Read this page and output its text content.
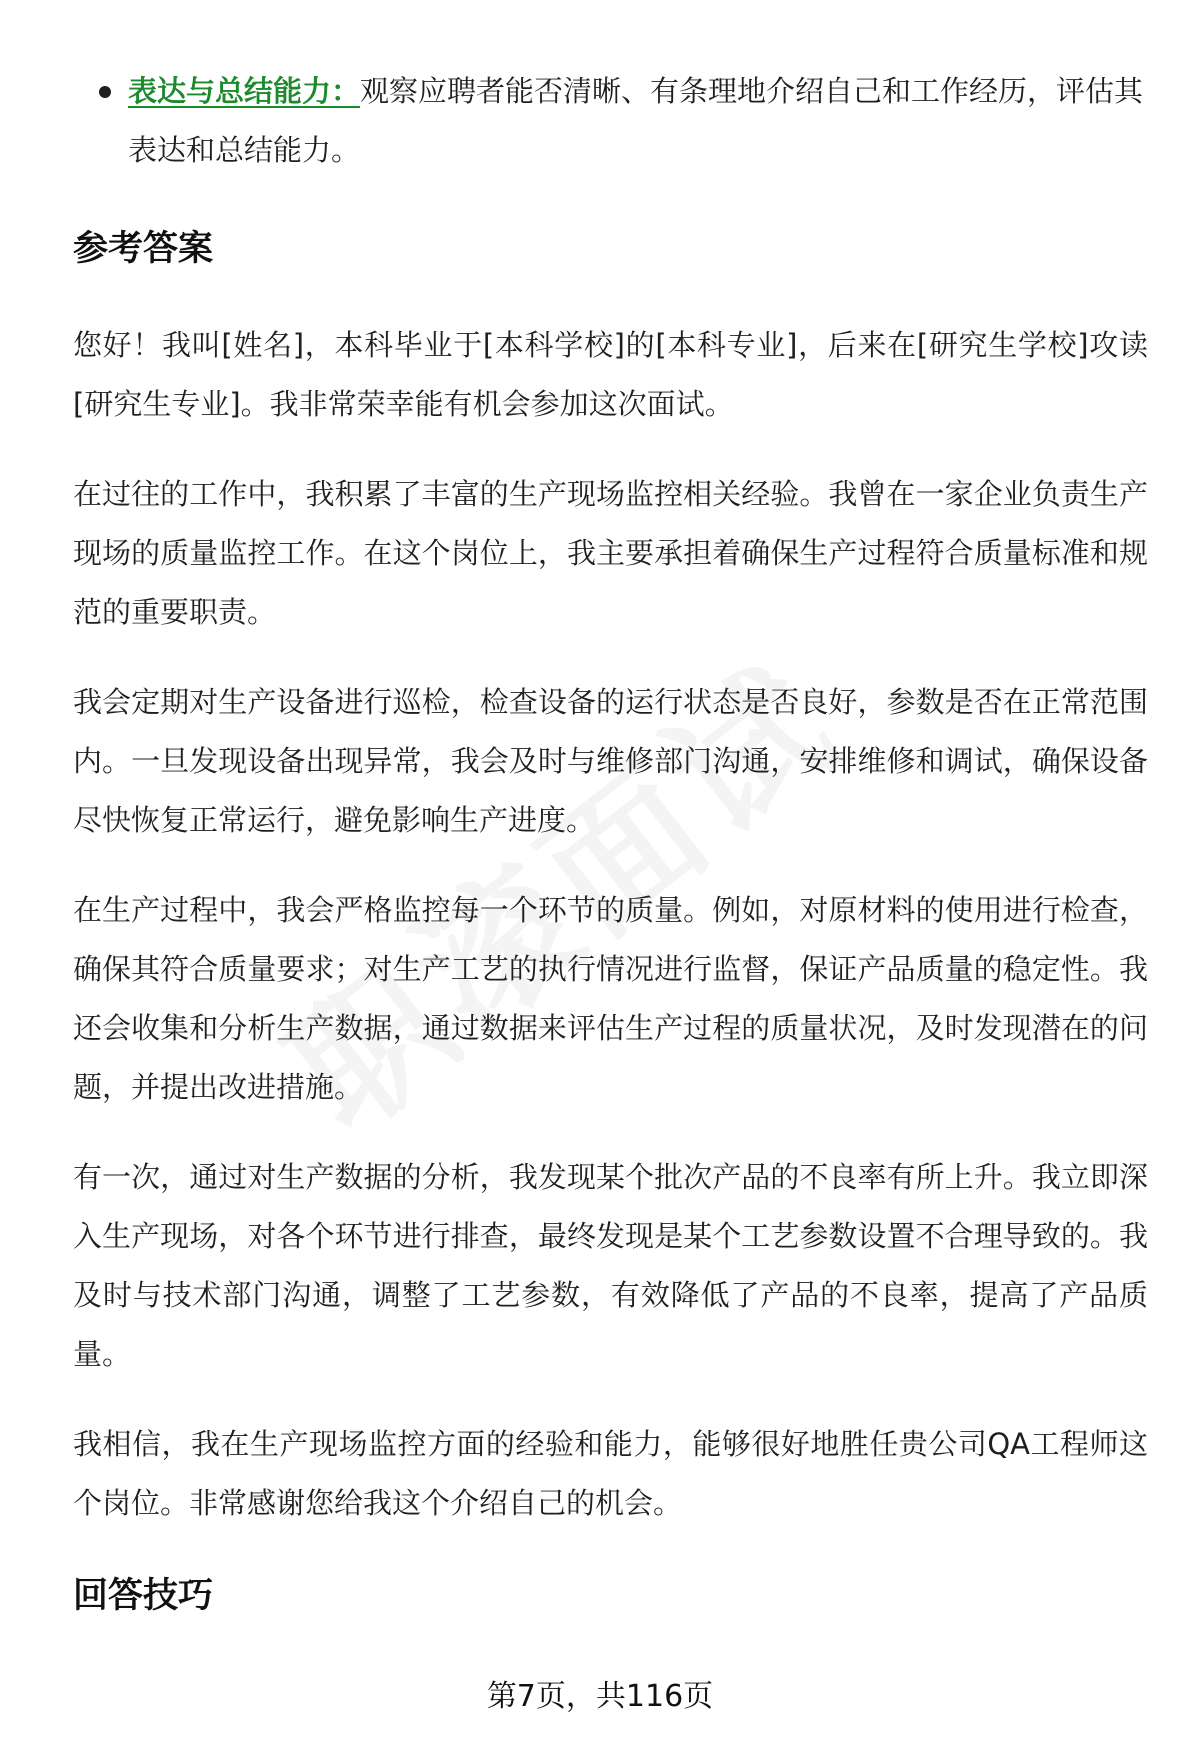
表达与总结能力：观察应聘者能否清晰、有条理地介绍自己和工作经历，评估其表达和总结能力。
参考答案

您好！我叫[姓名]，本科毕业于[本科学校]的[本科专业]，后来在[研究生学校]攻读[研究生专业]。我非常荣幸能有机会参加这次面试。

在过往的工作中，我积累了丰富的生产现场监控相关经验。我曾在一家企业负责生产现场的质量监控工作。在这个岗位上，我主要承担着确保生产过程符合质量标准和规范的重要职责。

我会定期对生产设备进行巡检，检查设备的运行状态是否良好，参数是否在正常范围内。一旦发现设备出现异常，我会及时与维修部门沟通，安排维修和调试，确保设备尽快恢复正常运行，避免影响生产进度。

在生产过程中，我会严格监控每一个环节的质量。例如，对原材料的使用进行检查，确保其符合质量要求；对生产工艺的执行情况进行监督，保证产品质量的稳定性。我还会收集和分析生产数据，通过数据来评估生产过程的质量状况，及时发现潜在的问题，并提出改进措施。

有一次，通过对生产数据的分析，我发现某个批次产品的不良率有所上升。我立即深入生产现场，对各个环节进行排查，最终发现是某个工艺参数设置不合理导致的。我及时与技术部门沟通，调整了工艺参数，有效降低了产品的不良率，提高了产品质量。

我相信，我在生产现场监控方面的经验和能力，能够很好地胜任贵公司QA工程师这个岗位。非常感谢您给我这个介绍自己的机会。

回答技巧
第7页，共116页
